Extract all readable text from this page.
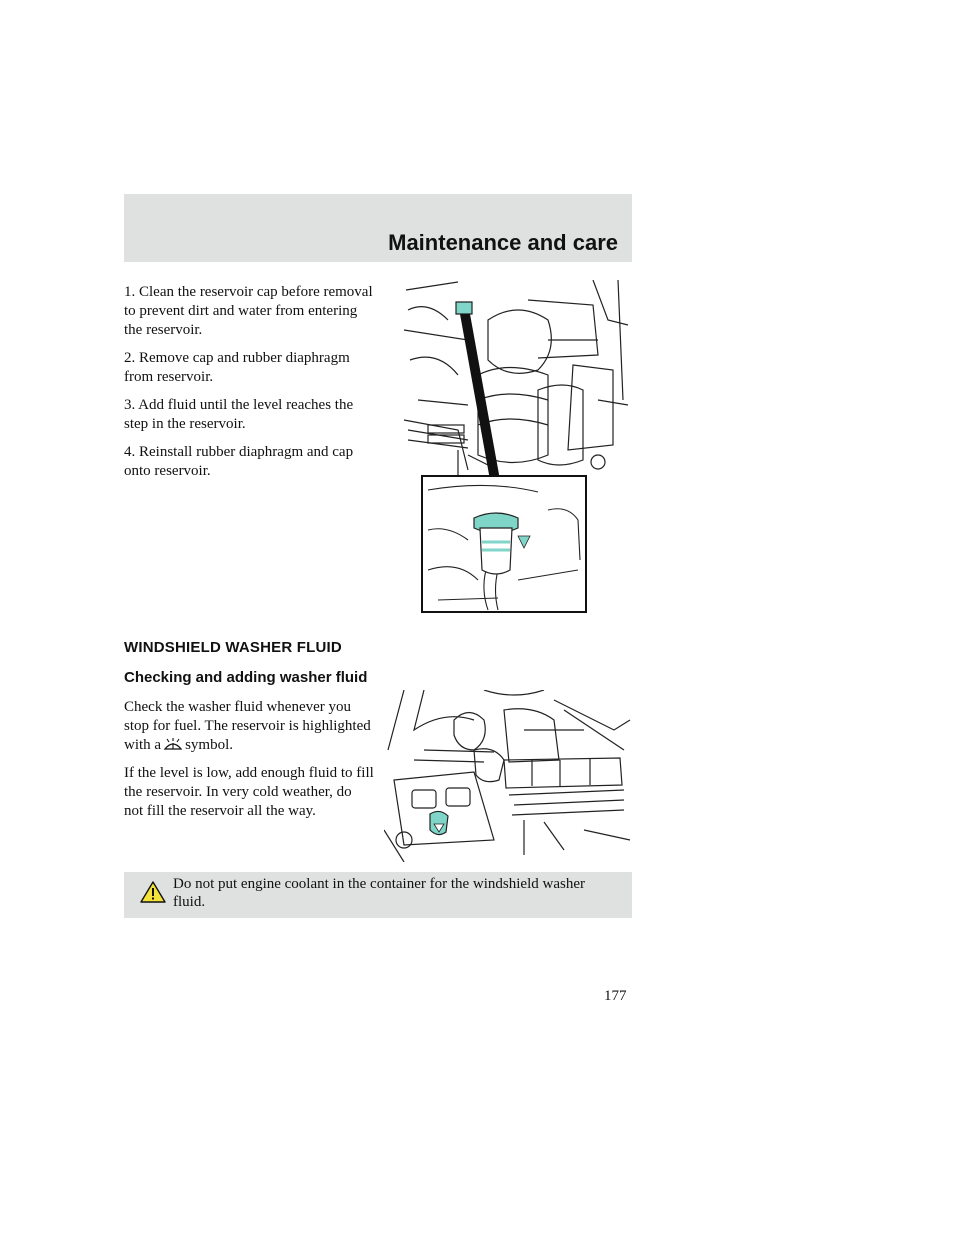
Maintenance and care

1. Clean the reservoir cap before removal to prevent dirt and water from entering the reservoir.

2. Remove cap and rubber diaphragm from reservoir.

3. Add fluid until the level reaches the step in the reservoir.

4. Reinstall rubber diaphragm and cap onto reservoir.

WINDSHIELD WASHER FLUID
Checking and adding washer fluid

Check the washer fluid whenever you stop for fuel. The reservoir is highlighted with a symbol.

If the level is low, add enough fluid to fill the reservoir. In very cold weather, do not fill the reservoir all the way.

Do not put engine coolant in the container for the windshield washer fluid.
177
